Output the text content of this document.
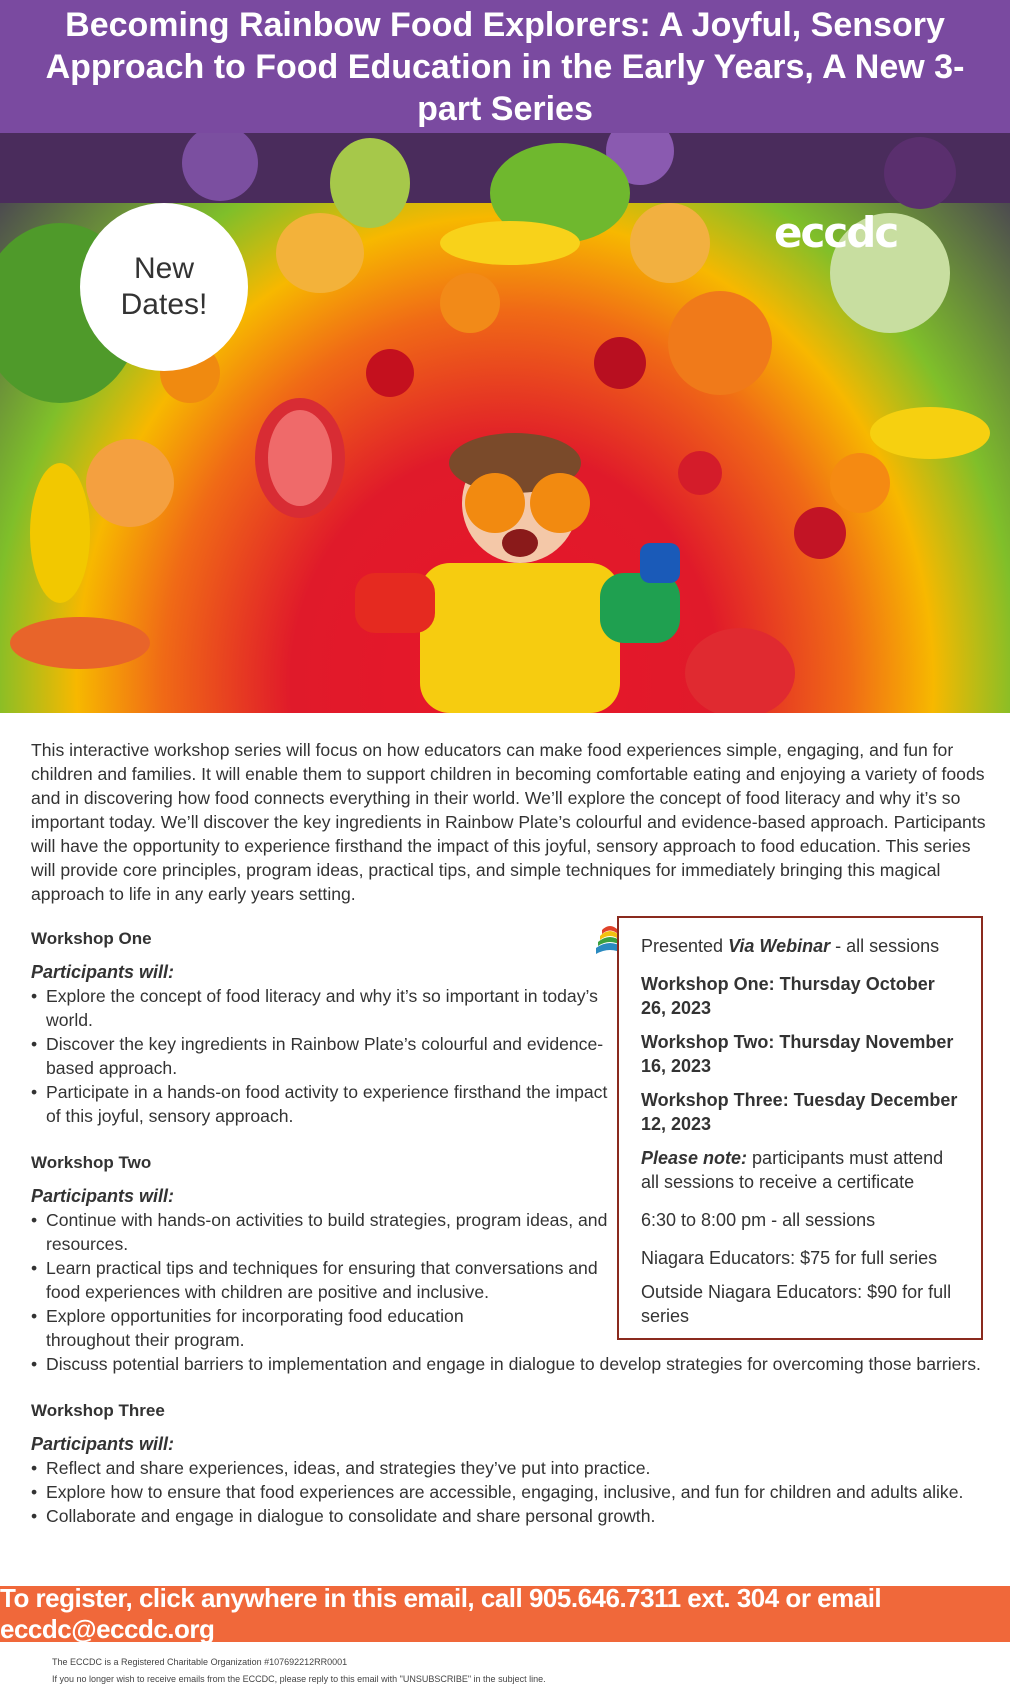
Becoming Rainbow Food Explorers: A Joyful, Sensory Approach to Food Education in the Early Years, A New 3-part Series
New
Dates!
eccdc

This interactive workshop series will focus on how educators can make food experiences simple, engaging, and fun for children and families. It will enable them to support children in becoming comfortable eating and enjoying a variety of foods and in discovering how food connects everything in their world. We’ll explore the concept of food literacy and why it’s so important today. We’ll discover the key ingredients in Rainbow Plate’s colourful and evidence-based approach. Participants will have the opportunity to experience firsthand the impact of this joyful, sensory approach to food education. This series will provide core principles, program ideas, practical tips, and simple techniques for immediately bringing this magical approach to life in any early years setting.

Workshop One

Participants will:

• Explore the concept of food literacy and why it’s so important in today’s world.
• Discover the key ingredients in Rainbow Plate’s colourful and evidence-based approach.
• Participate in a hands-on food activity to experience firsthand the impact of this joyful, sensory approach.

Workshop Two

Participants will:

• Continue with hands-on activities to build strategies, program ideas, and resources.
• Learn practical tips and techniques for ensuring that conversations and food experiences with children are positive and inclusive.
• Explore opportunities for incorporating food education throughout their program.
• Discuss potential barriers to implementation and engage in dialogue to develop strategies for overcoming those barriers.

Workshop Three

Participants will:

• Reflect and share experiences, ideas, and strategies they’ve put into practice.
• Explore how to ensure that food experiences are accessible, engaging, inclusive, and fun for children and adults alike.
• Collaborate and engage in dialogue to consolidate and share personal growth.

Presented Via Webinar - all sessions

Workshop One: Thursday October 26, 2023

Workshop Two: Thursday November 16, 2023

Workshop Three: Tuesday December 12, 2023

Please note: participants must attend all sessions to receive a certificate

6:30 to 8:00 pm - all sessions

Niagara Educators: $75 for full series

Outside Niagara Educators: $90 for full series

To register, click anywhere in this email, call 905.646.7311 ext. 304 or email eccdc@eccdc.org

The ECCDC is a Registered Charitable Organization #107692212RR0001

If you no longer wish to receive emails from the ECCDC, please reply to this email with "UNSUBSCRIBE" in the subject line.
